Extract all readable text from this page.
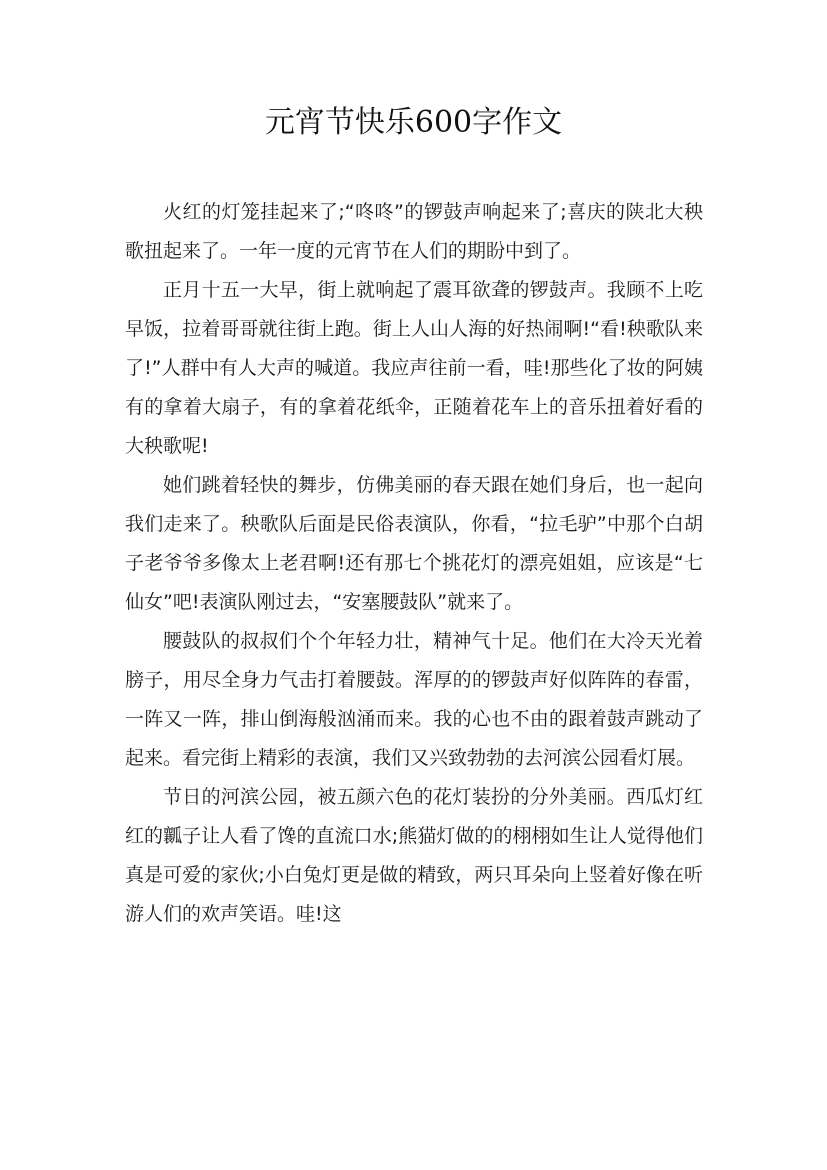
元宵节快乐600字作文

火红的灯笼挂起来了;“咚咚”的锣鼓声响起来了;喜庆的陕北大秧歌扭起来了。一年一度的元宵节在人们的期盼中到了。

正月十五一大早，街上就响起了震耳欲聋的锣鼓声。我顾不上吃早饭，拉着哥哥就往街上跑。街上人山人海的好热闹啊!“看!秧歌队来了!”人群中有人大声的喊道。我应声往前一看，哇!那些化了妆的阿姨有的拿着大扇子，有的拿着花纸伞，正随着花车上的音乐扭着好看的大秧歌呢!

她们跳着轻快的舞步，仿佛美丽的春天跟在她们身后，也一起向我们走来了。秧歌队后面是民俗表演队，你看，“拉毛驴”中那个白胡子老爷爷多像太上老君啊!还有那七个挑花灯的漂亮姐姐，应该是“七仙女”吧!表演队刚过去，“安塞腰鼓队”就来了。

腰鼓队的叔叔们个个年轻力壮，精神气十足。他们在大冷天光着膀子，用尽全身力气击打着腰鼓。浑厚的的锣鼓声好似阵阵的春雷，一阵又一阵，排山倒海般汹涌而来。我的心也不由的跟着鼓声跳动了起来。看完街上精彩的表演，我们又兴致勃勃的去河滨公园看灯展。

节日的河滨公园，被五颜六色的花灯装扮的分外美丽。西瓜灯红红的瓤子让人看了馋的直流口水;熊猫灯做的的栩栩如生让人觉得他们真是可爱的家伙;小白兔灯更是做的精致，两只耳朵向上竖着好像在听游人们的欢声笑语。哇!这
